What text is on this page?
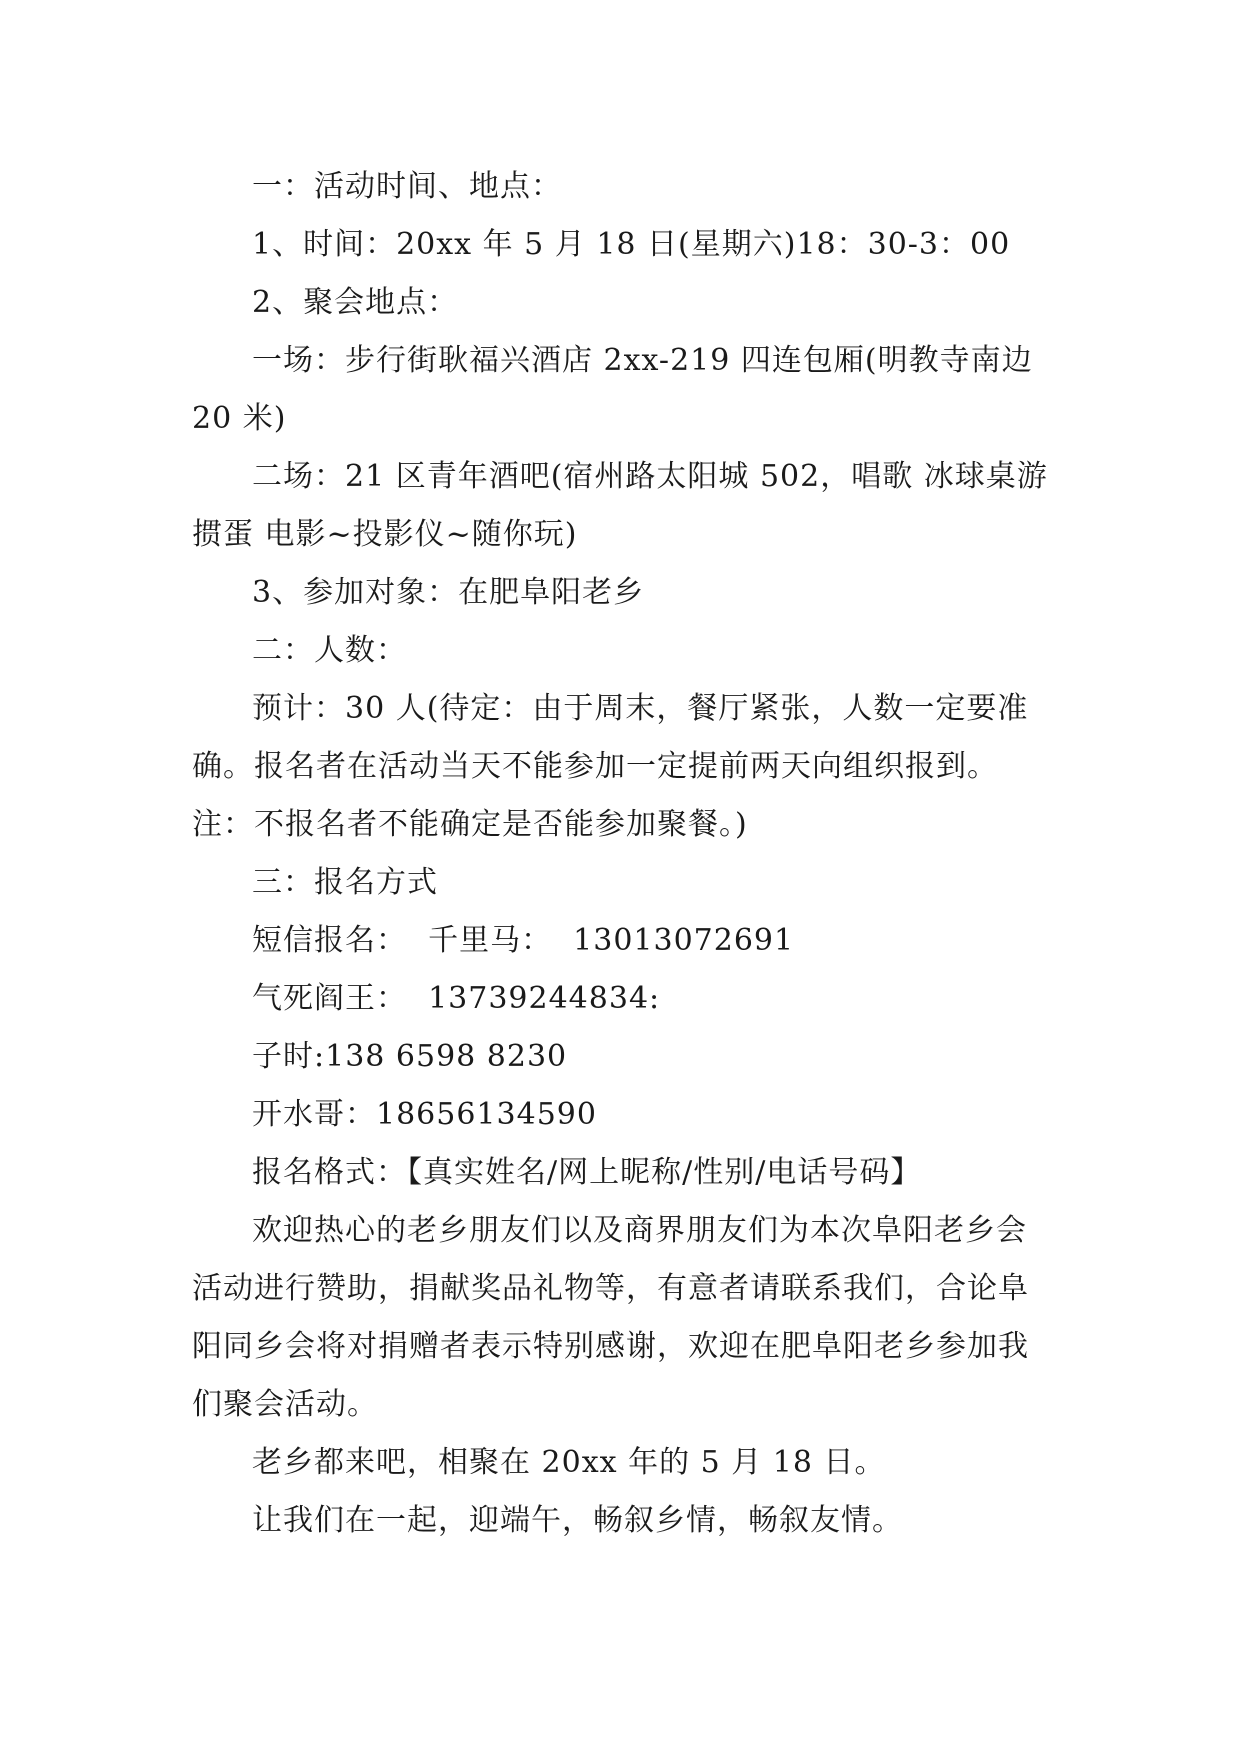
一：活动时间、地点：

1、时间：20xx 年 5 月 18 日(星期六)18：30-3：00

2、聚会地点：

一场：步行街耿福兴酒店 2xx-219 四连包厢(明教寺南边 20 米)

二场：21 区青年酒吧(宿州路太阳城 502，唱歌 冰球桌游 掼蛋 电影~投影仪~随你玩)

3、参加对象：在肥阜阳老乡

二：人数：

预计：30 人(待定：由于周末，餐厅紧张，人数一定要准确。报名者在活动当天不能参加一定提前两天向组织报到。注：不报名者不能确定是否能参加聚餐。)

三：报名方式

短信报名：  千里马：  13013072691

气死阎王：  13739244834:

子时:138 6598 8230

开水哥：18656134590

报名格式：【真实姓名/网上昵称/性别/电话号码】

欢迎热心的老乡朋友们以及商界朋友们为本次阜阳老乡会活动进行赞助，捐献奖品礼物等，有意者请联系我们，合论阜阳同乡会将对捐赠者表示特别感谢，欢迎在肥阜阳老乡参加我们聚会活动。

老乡都来吧，相聚在 20xx 年的 5 月 18 日。

让我们在一起，迎端午，畅叙乡情，畅叙友情。
